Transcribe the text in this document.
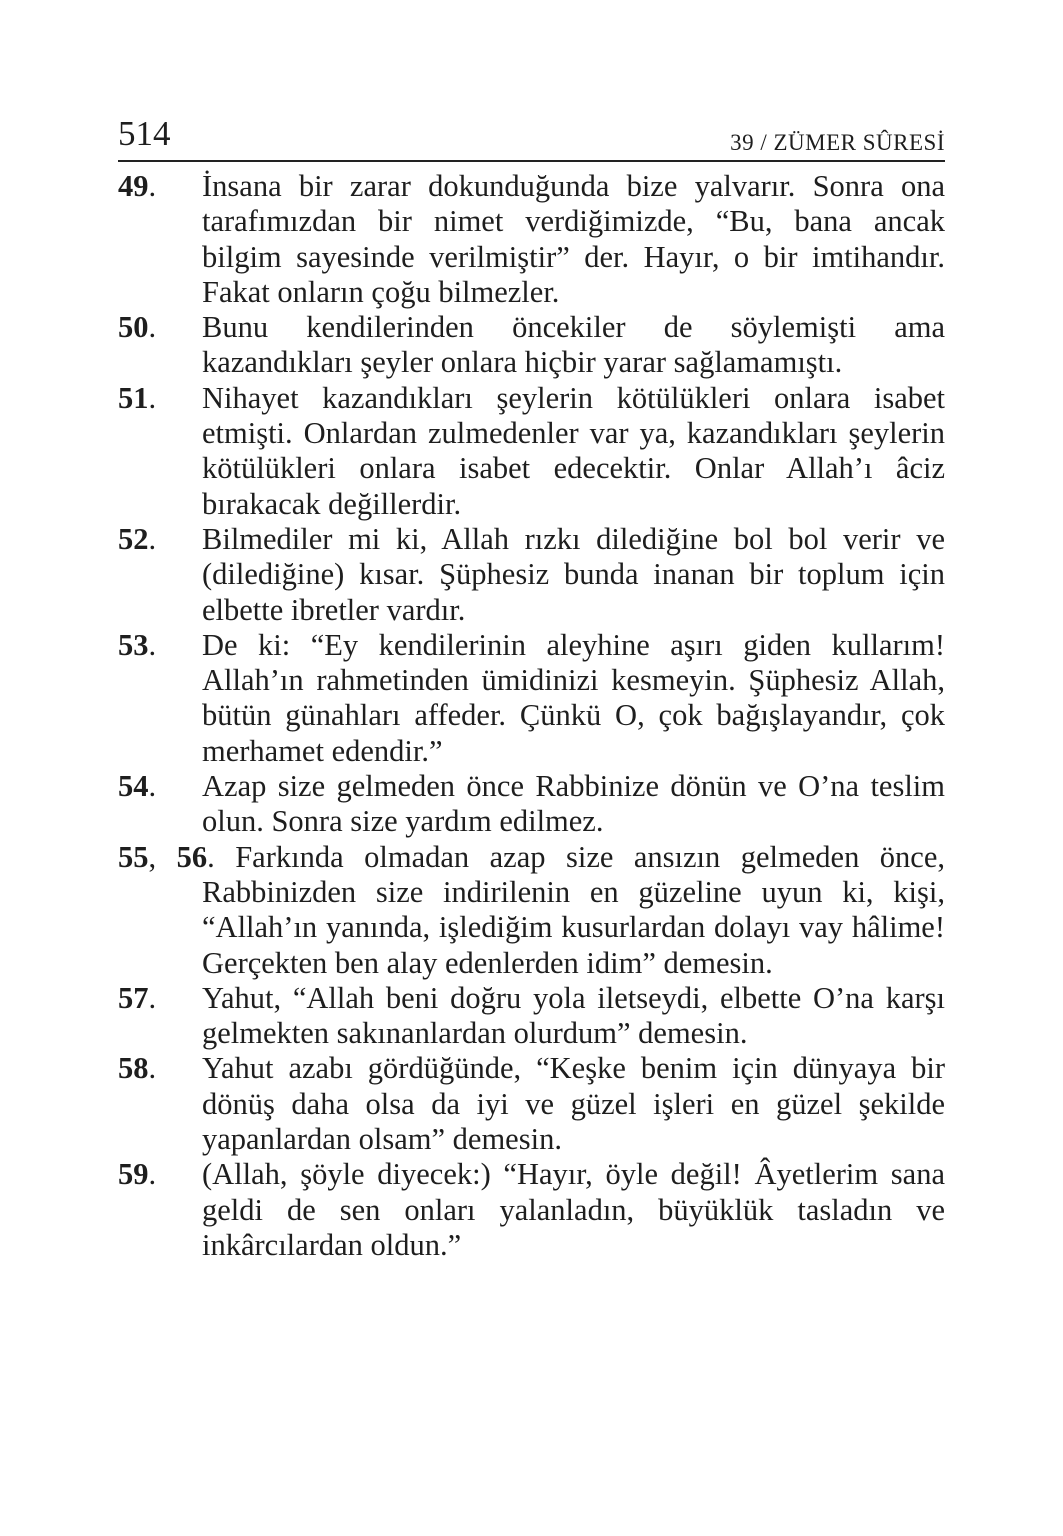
514	39 / ZÜMER SÛRESİ
49. İnsana bir zarar dokunduğunda bize yalvarır. Sonra ona tarafımızdan bir nimet verdiğimizde, “Bu, bana ancak bilgim sayesinde verilmiştir” der. Hayır, o bir imtihandır. Fakat onların çoğu bilmezler.
50. Bunu kendilerinden öncekiler de söylemişti ama kazandıkları şeyler onlara hiçbir yarar sağlamamıştı.
51. Nihayet kazandıkları şeylerin kötülükleri onlara isabet etmişti. Onlardan zulmedenler var ya, kazandıkları şeylerin kötülükleri onlara isabet edecektir. Onlar Allah’ı âciz bırakacak değillerdir.
52. Bilmediler mi ki, Allah rızkı dilediğine bol bol verir ve (dilediğine) kısar. Şüphesiz bunda inanan bir toplum için elbette ibretler vardır.
53. De ki: “Ey kendilerinin aleyhine aşırı giden kullarım! Allah’ın rahmetinden ümidinizi kesmeyin. Şüphesiz Allah, bütün günahları affeder. Çünkü O, çok bağışlayandır, çok merhamet edendir.”
54. Azap size gelmeden önce Rabbinize dönün ve O’na teslim olun. Sonra size yardım edilmez.
55, 56. Farkında olmadan azap size ansızın gelmeden önce, Rabbinizden size indirilenin en güzeline uyun ki, kişi, “Allah’ın yanında, işlediğim kusurlardan dolayı vay hâlime! Gerçekten ben alay edenlerden idim” demesin.
57. Yahut, “Allah beni doğru yola iletseydi, elbette O’na karşı gelmekten sakınanlardan olurdum” demesin.
58. Yahut azabı gördüğünde, “Keşke benim için dünyaya bir dönüş daha olsa da iyi ve güzel işleri en güzel şekilde yapanlardan olsam” demesin.
59. (Allah, şöyle diyecek:) “Hayır, öyle değil! Âyetlerim sana geldi de sen onları yalanladın, büyüklük tasladın ve inkârcılardan oldun.”
